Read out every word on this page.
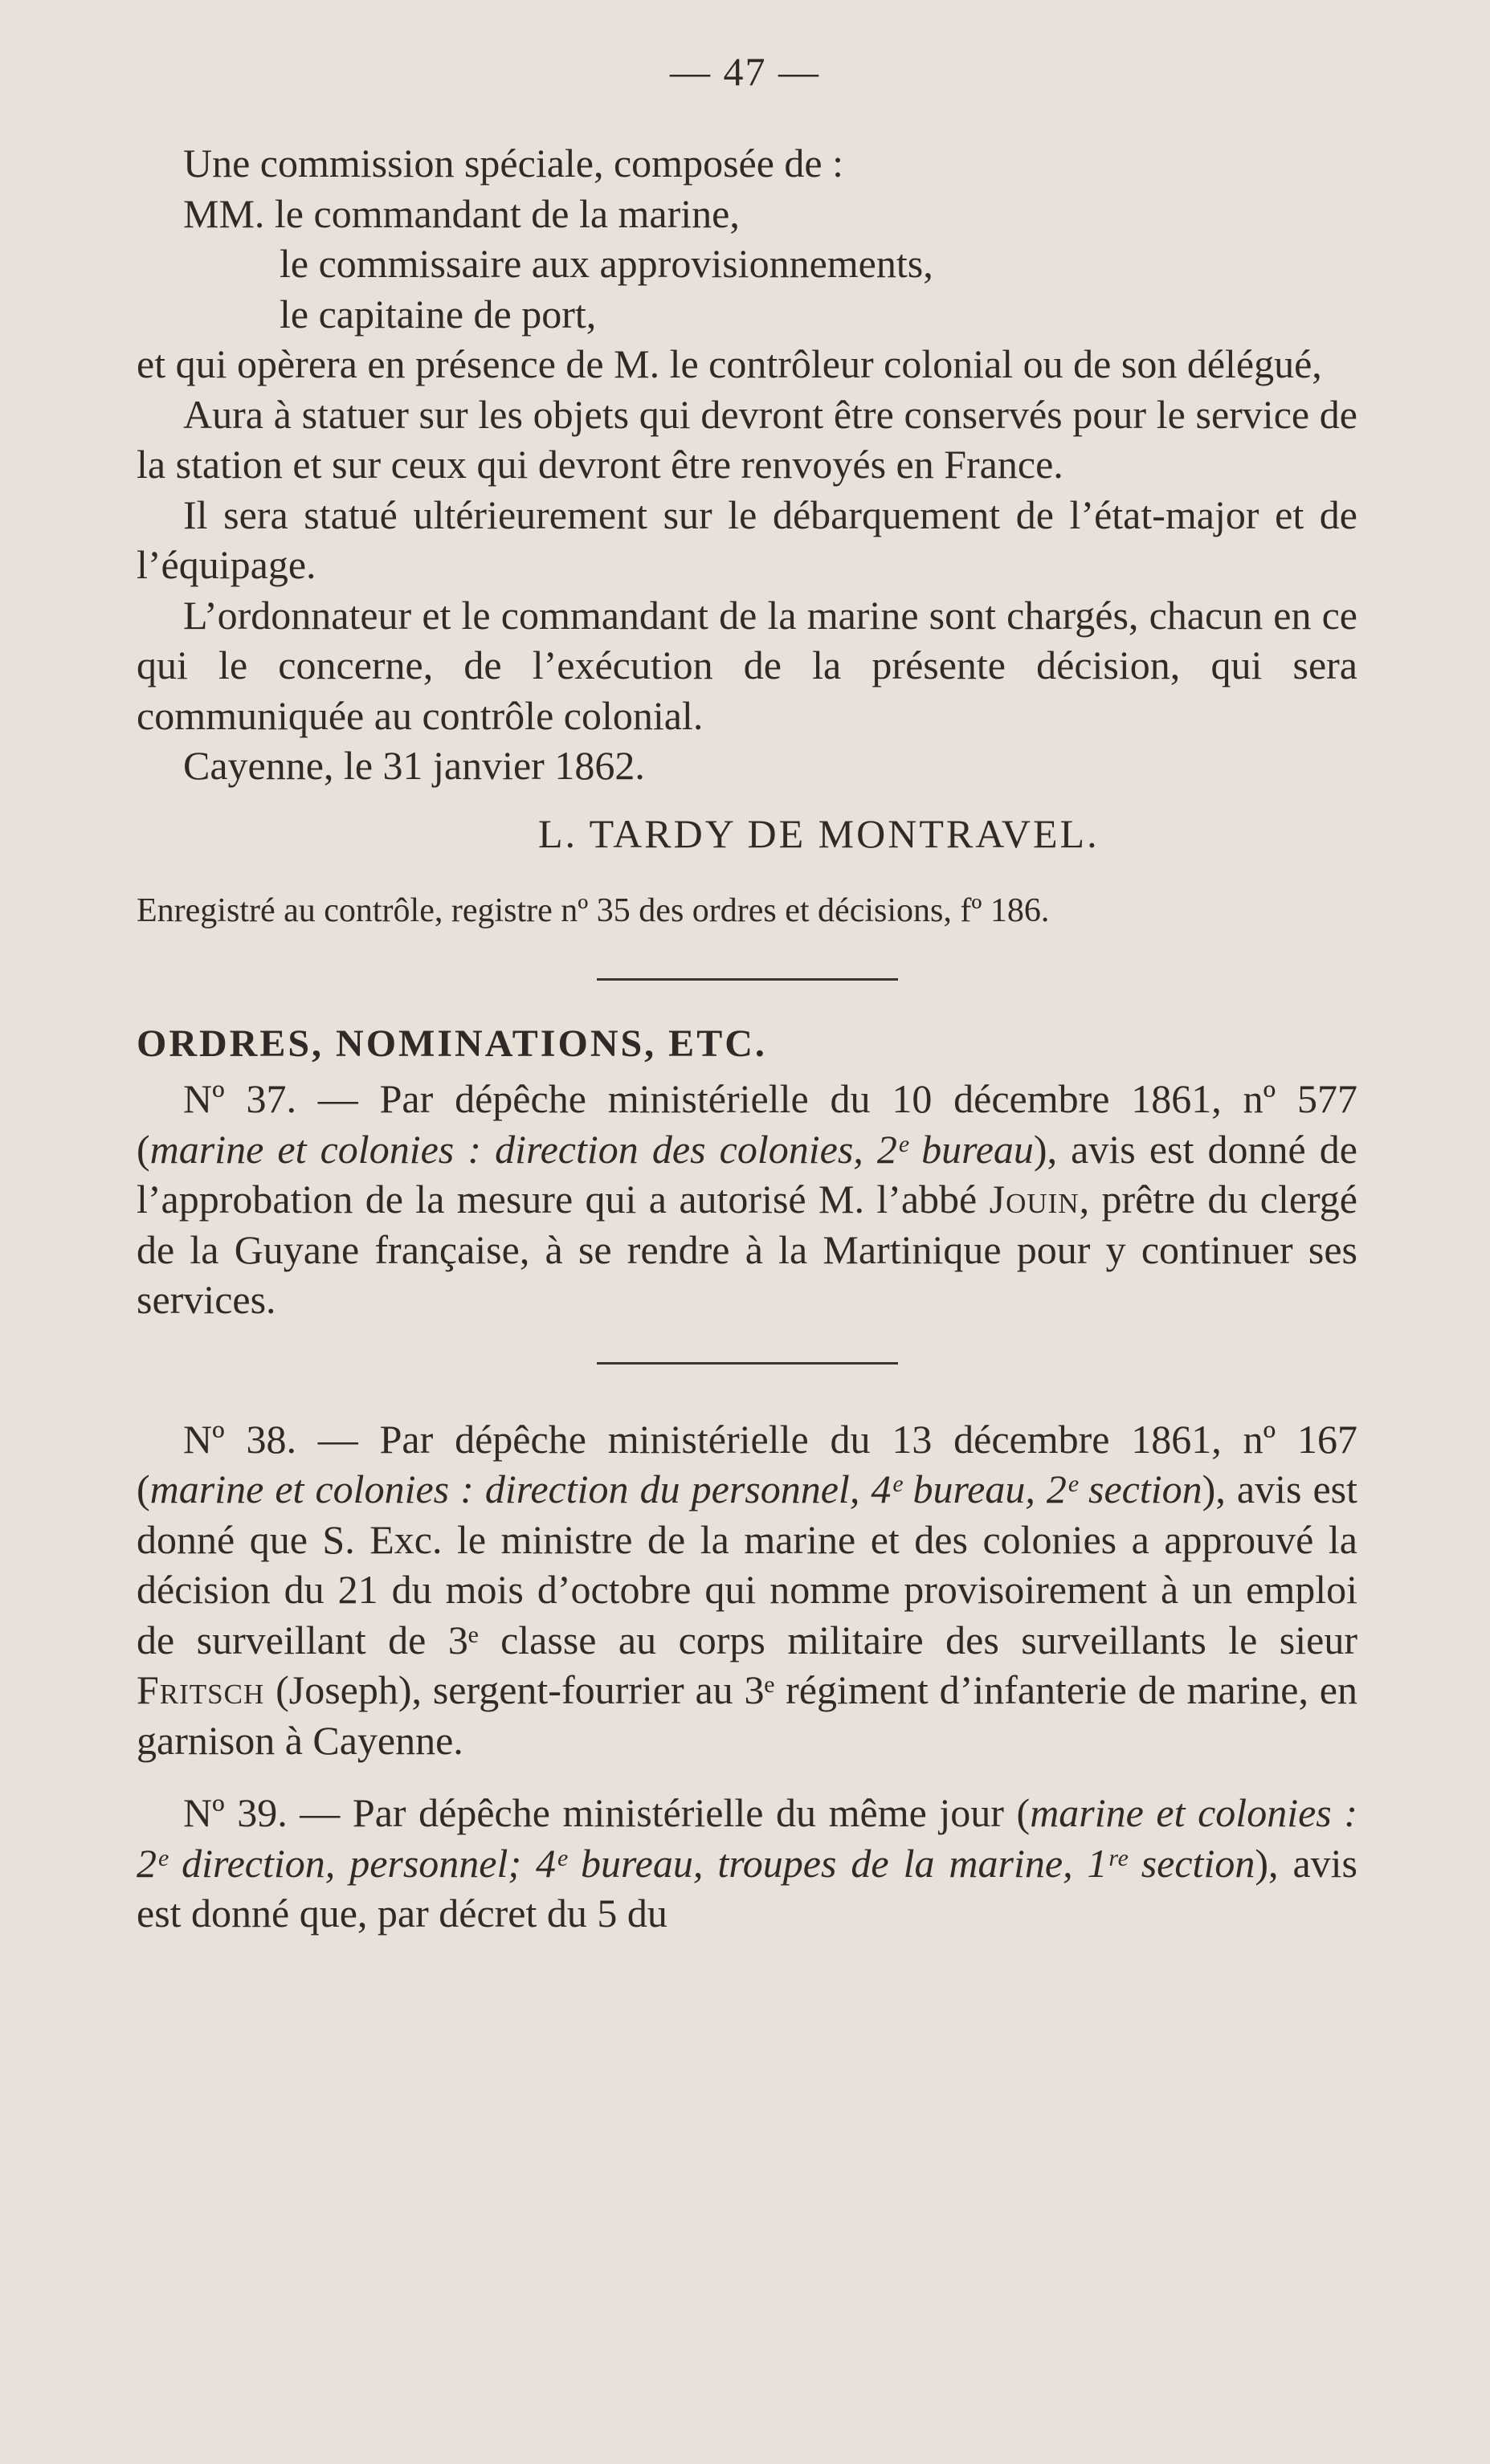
— 47 —

Une commission spéciale, composée de :

MM. le commandant de la marine,

le commissaire aux approvisionnements,

le capitaine de port,

et qui opèrera en présence de M. le contrôleur colonial ou de son délégué,

Aura à statuer sur les objets qui devront être conservés pour le service de la station et sur ceux qui devront être renvoyés en France.

Il sera statué ultérieurement sur le débarquement de l’état-major et de l’équipage.

L’ordonnateur et le commandant de la marine sont chargés, chacun en ce qui le concerne, de l’exécution de la présente décision, qui sera communiquée au contrôle colonial.

Cayenne, le 31 janvier 1862.

L. TARDY DE MONTRAVEL.

Enregistré au contrôle, registre nº 35 des ordres et décisions, fº 186.

ORDRES, NOMINATIONS, ETC.

Nº 37. — Par dépêche ministérielle du 10 décembre 1861, nº 577 (marine et colonies : direction des colonies, 2ᵉ bureau), avis est donné de l’approbation de la mesure qui a autorisé M. l’abbé Jouin, prêtre du clergé de la Guyane française, à se rendre à la Martinique pour y continuer ses services.

Nº 38. — Par dépêche ministérielle du 13 décembre 1861, nº 167 (marine et colonies : direction du personnel, 4ᵉ bureau, 2ᵉ section), avis est donné que S. Exc. le ministre de la marine et des colonies a approuvé la décision du 21 du mois d’octobre qui nomme provisoirement à un emploi de surveillant de 3ᵉ classe au corps militaire des surveillants le sieur Fritsch (Joseph), sergent-fourrier au 3ᵉ régiment d’infanterie de marine, en garnison à Cayenne.

Nº 39. — Par dépêche ministérielle du même jour (marine et colonies : 2ᵉ direction, personnel; 4ᵉ bureau, troupes de la marine, 1ʳᵉ section), avis est donné que, par décret du 5 du
